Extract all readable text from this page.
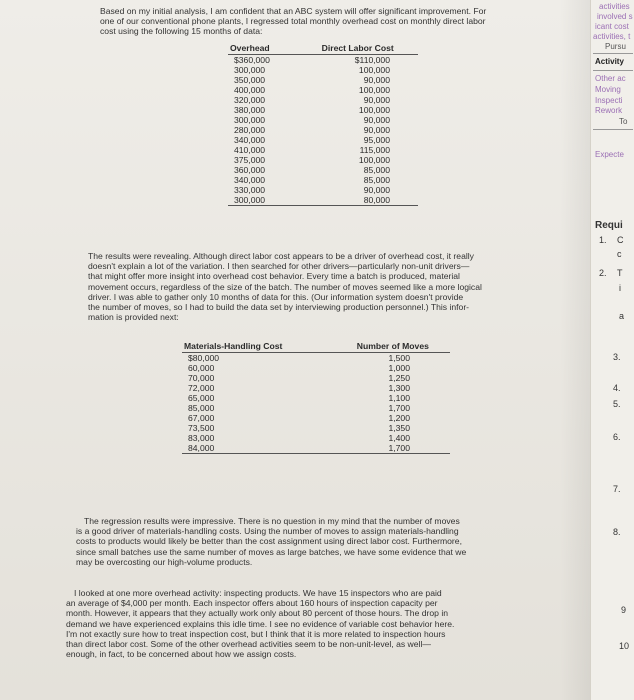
Based on my initial analysis, I am confident that an ABC system will offer significant improvement. For

one of our conventional phone plants, I regressed total monthly overhead cost on monthly direct labor

cost using the following 15 months of data:

Overhead	Direct Labor Cost
$360,000	$110,000
300,000	100,000
350,000	90,000
400,000	100,000
320,000	90,000
380,000	100,000
300,000	90,000
280,000	90,000
340,000	95,000
410,000	115,000
375,000	100,000
360,000	85,000
340,000	85,000
330,000	90,000
300,000	80,000

The results were revealing. Although direct labor cost appears to be a driver of overhead cost, it really

doesn't explain a lot of the variation. I then searched for other drivers—particularly non-unit drivers—

that might offer more insight into overhead cost behavior. Every time a batch is produced, material

movement occurs, regardless of the size of the batch. The number of moves seemed like a more logical

driver. I was able to gather only 10 months of data for this. (Our information system doesn't provide

the number of moves, so I had to build the data set by interviewing production personnel.) This infor-

mation is provided next:

Materials-Handling Cost	Number of Moves
$80,000	1,500
60,000	1,000
70,000	1,250
72,000	1,300
65,000	1,100
85,000	1,700
67,000	1,200
73,500	1,350
83,000	1,400
84,000	1,700

The regression results were impressive. There is no question in my mind that the number of moves

is a good driver of materials-handling costs. Using the number of moves to assign materials-handling

costs to products would likely be better than the cost assignment using direct labor cost. Furthermore,

since small batches use the same number of moves as large batches, we have some evidence that we

may be overcosting our high-volume products.

I looked at one more overhead activity: inspecting products. We have 15 inspectors who are paid

an average of $4,000 per month. Each inspector offers about 160 hours of inspection capacity per

month. However, it appears that they actually work only about 80 percent of those hours. The drop in

demand we have experienced explains this idle time. I see no evidence of variable cost behavior here.

I'm not exactly sure how to treat inspection cost, but I think that it is more related to inspection hours

than direct labor cost. Some of the other overhead activities seem to be non-unit-level, as well—

enough, in fact, to be concerned about how we assign costs.

activities
involved s
icant cost
activities, t
Pursu
Activity
Other ac
Moving
Inspecti
Rework
To
Expecte
Requi
1. C
c
2. T
i
a
3.
4.
5.
6.
7.
8.
9
10
